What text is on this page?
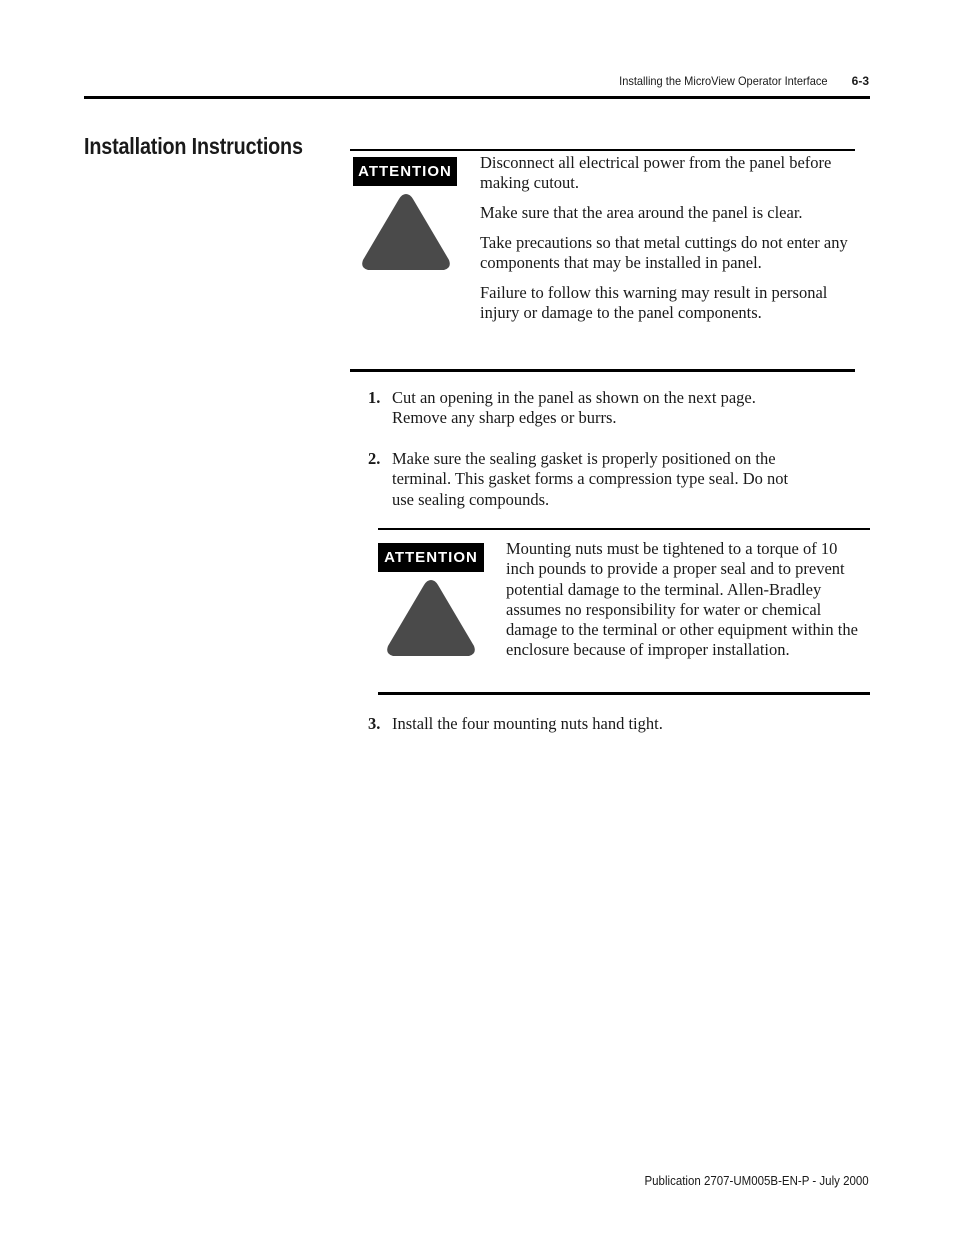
Installing the MicroView Operator Interface 6-3
Installation Instructions
ATTENTION	Disconnect all electrical power from the panel before making cutout.

Make sure that the area around the panel is clear.

Take precautions so that metal cuttings do not enter any components that may be installed in panel.

Failure to follow this warning may result in personal injury or damage to the panel components.

1. Cut an opening in the panel as shown on the next page.
Remove any sharp edges or burrs.
2. Make sure the sealing gasket is properly positioned on the
terminal. This gasket forms a compression type seal. Do not
use sealing compounds.
ATTENTION	Mounting nuts must be tightened to a torque of 10 inch pounds to provide a proper seal and to prevent potential damage to the terminal. Allen-Bradley assumes no responsibility for water or chemical damage to the terminal or other equipment within the enclosure because of improper installation.

3. Install the four mounting nuts hand tight.
Publication 2707-UM005B-EN-P - July 2000
